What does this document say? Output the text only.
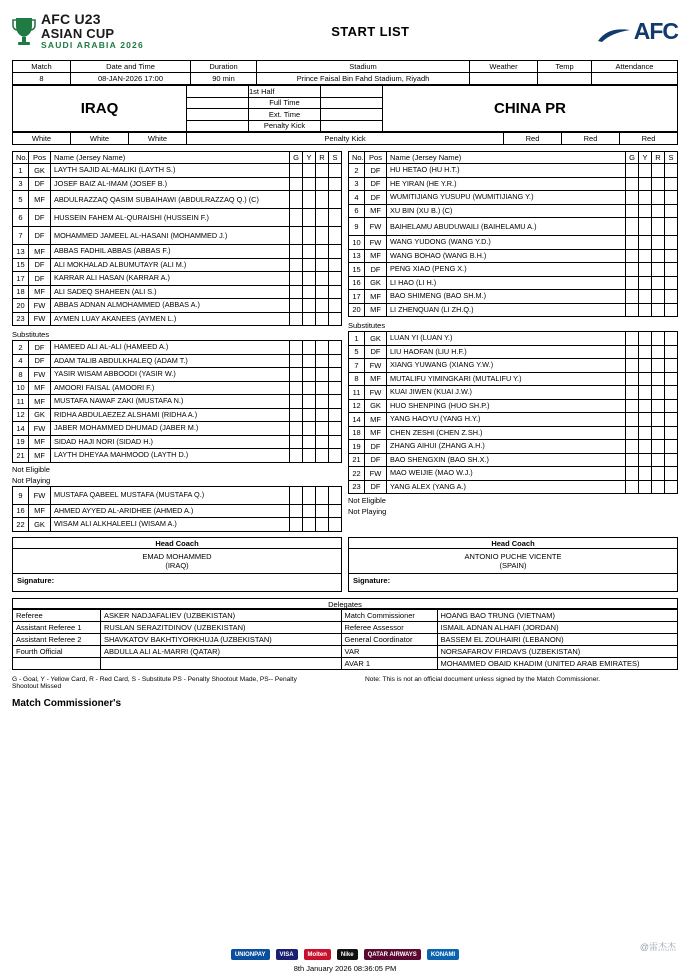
AFC U23
ASIAN CUP
SAUDI ARABIA 2026
START LIST	AFC
Match	Date and Time	Duration	Stadium	Weather	Temp	Attendance
8	08-JAN-2026 17:00	90 min	Prince Faisal Bin Fahd Stadium, Riyadh			
IRAQ		1st Half		CHINA PR
		Full Time		
		Ext. Time		
		Penalty Kick		
White	White	White	Penalty Kick	Red	Red	Red
No.	Pos	Name (Jersey Name)	G	Y	R	S
1	GK	LAYTH SAJID AL-MALIKI (LAYTH S.)				
3	DF	JOSEF BAIZ AL-IMAM (JOSEF B.)				
5	MF	ABDULRAZZAQ QASIM SUBAIHAWI (ABDULRAZZAQ Q.) (C)				
6	DF	HUSSEIN FAHEM AL-QURAISHI (HUSSEIN F.)				
7	DF	MOHAMMED JAMEEL AL-HASANI (MOHAMMED J.)				
13	MF	ABBAS FADHIL ABBAS (ABBAS F.)				
15	DF	ALI MOKHALAD ALBUMUTAYR (ALI M.)				
17	DF	KARRAR ALI HASAN (KARRAR A.)				
18	MF	ALI SADEQ SHAHEEN (ALI S.)				
20	FW	ABBAS ADNAN ALMOHAMMED (ABBAS A.)				
23	FW	AYMEN LUAY AKANEES (AYMEN L.)				
Substitutes
2	DF	HAMEED ALI AL-ALI (HAMEED A.)				
4	DF	ADAM TALIB ABDULKHALEQ (ADAM T.)				
8	FW	YASIR WISAM ABBOODI (YASIR W.)				
10	MF	AMOORI FAISAL (AMOORI F.)				
11	MF	MUSTAFA NAWAF ZAKI (MUSTAFA N.)				
12	GK	RIDHA ABDULAEZEZ ALSHAMI (RIDHA A.)				
14	FW	JABER MOHAMMED DHUMAD (JABER M.)				
19	MF	SIDAD HAJI NORI (SIDAD H.)				
21	MF	LAYTH DHEYAA MAHMOOD (LAYTH D.)				
Not Eligible
Not Playing
9	FW	MUSTAFA QABEEL MUSTAFA (MUSTAFA Q.)				
16	MF	AHMED AYYED AL-ARIDHEE (AHMED A.)				
22	GK	WISAM ALI ALKHALEELI (WISAM A.)				
No.	Pos	Name (Jersey Name)	G	Y	R	S
2	DF	HU HETAO (HU H.T.)				
3	DF	HE YIRAN (HE Y.R.)				
4	DF	WUMITIJIANG YUSUPU (WUMITIJIANG Y.)				
6	MF	XU BIN (XU B.) (C)				
9	FW	BAIHELAMU ABUDUWAILI (BAIHELAMU A.)				
10	FW	WANG YUDONG (WANG Y.D.)				
13	MF	WANG BOHAO (WANG B.H.)				
15	DF	PENG XIAO (PENG X.)				
16	GK	LI HAO (LI H.)				
17	MF	BAO SHIMENG (BAO SH.M.)				
20	MF	LI ZHENQUAN (LI ZH.Q.)				
Substitutes
1	GK	LUAN YI (LUAN Y.)				
5	DF	LIU HAOFAN (LIU H.F.)				
7	FW	XIANG YUWANG (XIANG Y.W.)				
8	MF	MUTALIFU YIMINGKARI (MUTALIFU Y.)				
11	FW	KUAI JIWEN (KUAI J.W.)				
12	GK	HUO SHENPING (HUO SH.P.)				
14	MF	YANG HAOYU (YANG H.Y.)				
18	MF	CHEN ZESHI (CHEN Z.SH.)				
19	DF	ZHANG AIHUI (ZHANG A.H.)				
21	DF	BAO SHENGXIN (BAO SH.X.)				
22	FW	MAO WEIJIE (MAO W.J.)				
23	DF	YANG ALEX (YANG A.)				
Not Eligible
Not Playing
Head Coach
EMAD MOHAMMED
(IRAQ)
Signature:
Head Coach
ANTONIO PUCHE VICENTE
(SPAIN)
Signature:
Delegates
Referee	ASKER NADJAFALIEV (UZBEKISTAN)	Match Commissioner	HOANG BAO TRUNG (VIETNAM)
Assistant Referee 1	RUSLAN SERAZITDINOV (UZBEKISTAN)	Referee Assessor	ISMAIL ADNAN ALHAFI (JORDAN)
Assistant Referee 2	SHAVKATOV BAKHTIYORKHUJA (UZBEKISTAN)	General Coordinator	BASSEM EL ZOUHAIRI (LEBANON)
Fourth Official	ABDULLA ALI AL-MARRI (QATAR)	VAR	NORSAFAROV FIRDAVS (UZBEKISTAN)
		AVAR 1	MOHAMMED OBAID KHADIM (UNITED ARAB EMIRATES)
G - Goal, Y - Yellow Card, R - Red Card, S - Substitute PS - Penalty Shootout Made, PS-- Penalty Shootout Missed
Note: This is not an official document unless signed by the Match Commissioner.
Match Commissioner's
@雷杰杰
UNIONPAY	VISA	Molten	Nike	QATAR AIRWAYS	KONAMI
8th January 2026 08:36:05 PM
